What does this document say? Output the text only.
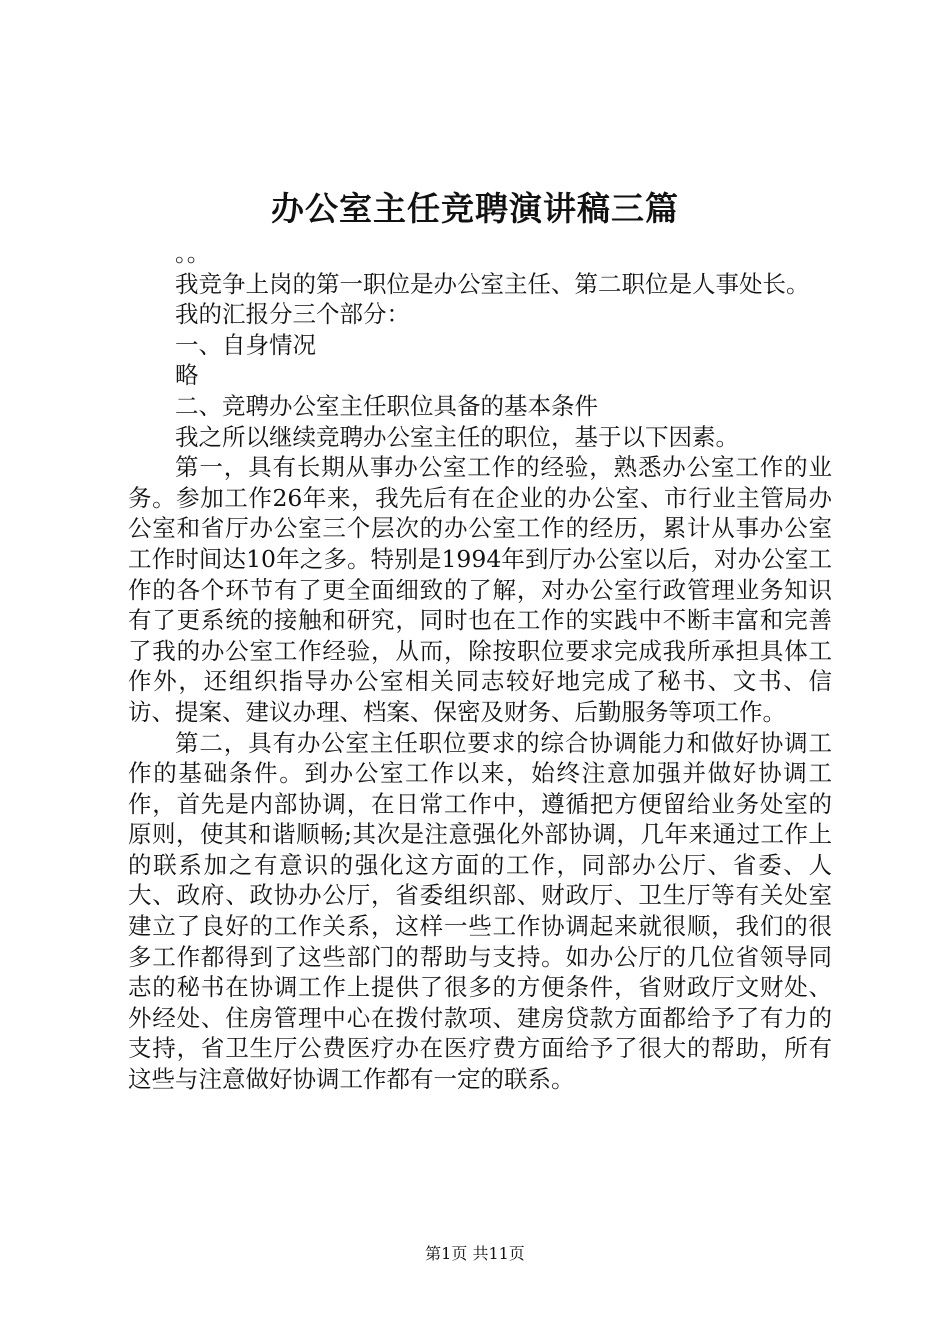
办公室主任竞聘演讲稿三篇

。。

我竞争上岗的第一职位是办公室主任、第二职位是人事处长。

我的汇报分三个部分：

一、自身情况

略

二、竞聘办公室主任职位具备的基本条件

我之所以继续竞聘办公室主任的职位，基于以下因素。

第一，具有长期从事办公室工作的经验，熟悉办公室工作的业务。参加工作26年来，我先后有在企业的办公室、市行业主管局办公室和省厅办公室三个层次的办公室工作的经历，累计从事办公室工作时间达10年之多。特别是1994年到厅办公室以后，对办公室工作的各个环节有了更全面细致的了解，对办公室行政管理业务知识有了更系统的接触和研究，同时也在工作的实践中不断丰富和完善了我的办公室工作经验，从而，除按职位要求完成我所承担具体工作外，还组织指导办公室相关同志较好地完成了秘书、文书、信访、提案、建议办理、档案、保密及财务、后勤服务等项工作。

第二，具有办公室主任职位要求的综合协调能力和做好协调工作的基础条件。到办公室工作以来，始终注意加强并做好协调工作，首先是内部协调，在日常工作中，遵循把方便留给业务处室的原则，使其和谐顺畅;其次是注意强化外部协调，几年来通过工作上的联系加之有意识的强化这方面的工作，同部办公厅、省委、人大、政府、政协办公厅，省委组织部、财政厅、卫生厅等有关处室建立了良好的工作关系，这样一些工作协调起来就很顺，我们的很多工作都得到了这些部门的帮助与支持。如办公厅的几位省领导同志的秘书在协调工作上提供了很多的方便条件，省财政厅文财处、外经处、住房管理中心在拨付款项、建房贷款方面都给予了有力的支持，省卫生厅公费医疗办在医疗费方面给予了很大的帮助，所有这些与注意做好协调工作都有一定的联系。

第1页 共11页
